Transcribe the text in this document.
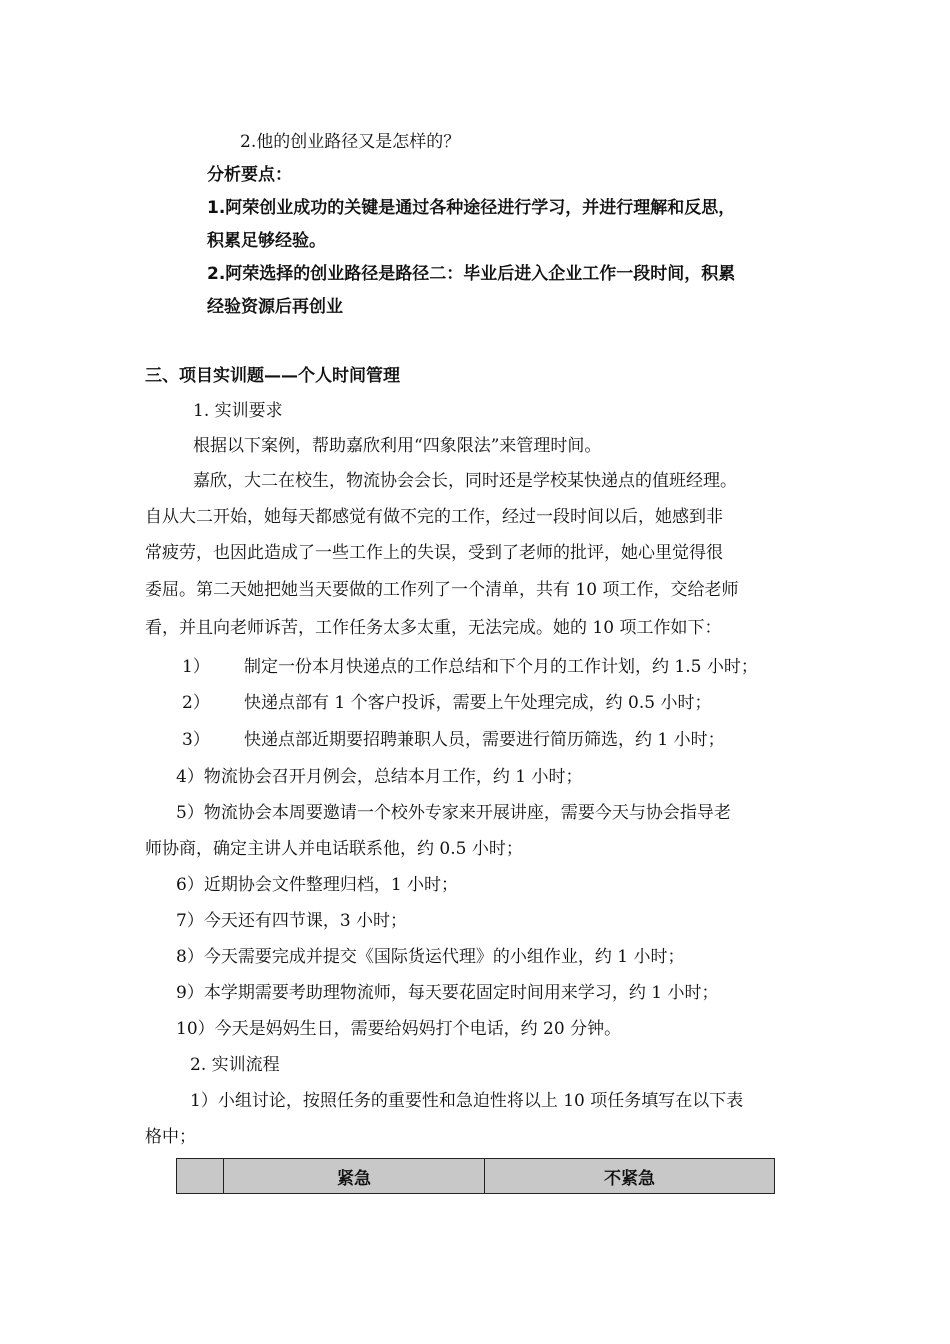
2.他的创业路径又是怎样的？
分析要点：
1.阿荣创业成功的关键是通过各种途径进行学习，并进行理解和反思，
积累足够经验。
2.阿荣选择的创业路径是路径二：毕业后进入企业工作一段时间，积累
经验资源后再创业
三、项目实训题——个人时间管理
1. 实训要求
根据以下案例，帮助嘉欣利用“四象限法”来管理时间。
嘉欣，大二在校生，物流协会会长，同时还是学校某快递点的值班经理。
自从大二开始，她每天都感觉有做不完的工作，经过一段时间以后，她感到非
常疲劳，也因此造成了一些工作上的失误，受到了老师的批评，她心里觉得很
委屈。第二天她把她当天要做的工作列了一个清单，共有 10 项工作，交给老师
看，并且向老师诉苦，工作任务太多太重，无法完成。她的 10 项工作如下：
1） 制定一份本月快递点的工作总结和下个月的工作计划，约 1.5 小时；
2） 快递点部有 1 个客户投诉，需要上午处理完成，约 0.5 小时；
3） 快递点部近期要招聘兼职人员，需要进行简历筛选，约 1 小时；
4）物流协会召开月例会，总结本月工作，约 1 小时；
5）物流协会本周要邀请一个校外专家来开展讲座，需要今天与协会指导老
师协商，确定主讲人并电话联系他，约 0.5 小时；
6）近期协会文件整理归档，1 小时；
7）今天还有四节课，3 小时；
8）今天需要完成并提交《国际货运代理》的小组作业，约 1 小时；
9）本学期需要考助理物流师，每天要花固定时间用来学习，约 1 小时；
10）今天是妈妈生日，需要给妈妈打个电话，约 20 分钟。
2. 实训流程
1）小组讨论，按照任务的重要性和急迫性将以上 10 项任务填写在以下表
格中；
	紧急	不紧急
